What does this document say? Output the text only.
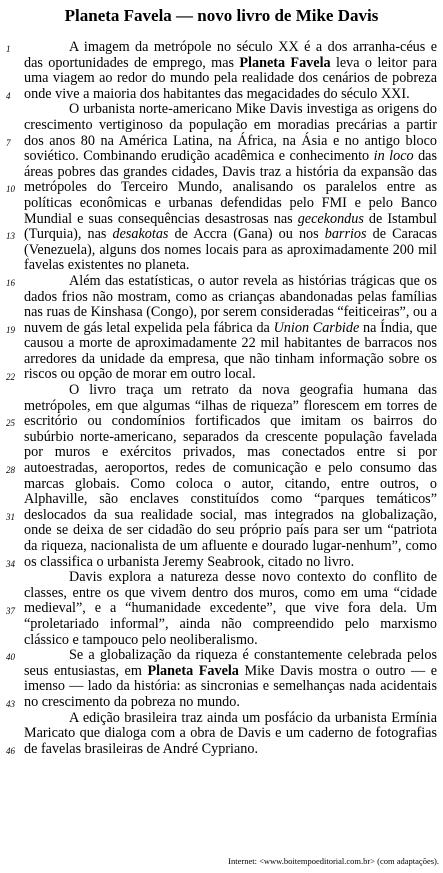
Planeta Favela — novo livro de Mike Davis
1
4
7
10
13
16
19
22
25
28
31
34
37
40
43
46

A imagem da metrópole no século XX é a dos arranha-céus e das oportunidades de emprego, mas Planeta Favela leva o leitor para uma viagem ao redor do mundo pela realidade dos cenários de pobreza onde vive a maioria dos habitantes das megacidades do século XXI.

O urbanista norte-americano Mike Davis investiga as origens do crescimento vertiginoso da população em moradias precárias a partir dos anos 80 na América Latina, na África, na Ásia e no antigo bloco soviético. Combinando erudição acadêmica e conhecimento in loco das áreas pobres das grandes cidades, Davis traz a história da expansão das metrópoles do Terceiro Mundo, analisando os paralelos entre as políticas econômicas e urbanas defendidas pelo FMI e pelo Banco Mundial e suas consequências desastrosas nas gecekondus de Istambul (Turquia), nas desakotas de Accra (Gana) ou nos barrios de Caracas (Venezuela), alguns dos nomes locais para as aproximadamente 200 mil favelas existentes no planeta.

Além das estatísticas, o autor revela as histórias trágicas que os dados frios não mostram, como as crianças abandonadas pelas famílias nas ruas de Kinshasa (Congo), por serem consideradas “feiticeiras”, ou a nuvem de gás letal expelida pela fábrica da Union Carbide na Índia, que causou a morte de aproximadamente 22 mil habitantes de barracos nos arredores da unidade da empresa, que não tinham informação sobre os riscos ou opção de morar em outro local.

O livro traça um retrato da nova geografia humana das metrópoles, em que algumas “ilhas de riqueza” florescem em torres de escritório ou condomínios fortificados que imitam os bairros do subúrbio norte-americano, separados da crescente população favelada por muros e exércitos privados, mas conectados entre si por autoestradas, aeroportos, redes de comunicação e pelo consumo das marcas globais. Como coloca o autor, citando, entre outros, o Alphaville, são enclaves constituídos como “parques temáticos” deslocados da sua realidade social, mas integrados na globalização, onde se deixa de ser cidadão do seu próprio país para ser um “patriota da riqueza, nacionalista de um afluente e dourado lugar-nenhum”, como os classifica o urbanista Jeremy Seabrook, citado no livro.

Davis explora a natureza desse novo contexto do conflito de classes, entre os que vivem dentro dos muros, como em uma “cidade medieval”, e a “humanidade excedente”, que vive fora dela. Um “proletariado informal”, ainda não compreendido pelo marxismo clássico e tampouco pelo neoliberalismo.

Se a globalização da riqueza é constantemente celebrada pelos seus entusiastas, em Planeta Favela Mike Davis mostra o outro — e imenso — lado da história: as sincronias e semelhanças nada acidentais no crescimento da pobreza no mundo.

A edição brasileira traz ainda um posfácio da urbanista Ermínia Maricato que dialoga com a obra de Davis e um caderno de fotografias de favelas brasileiras de André Cypriano.

Internet: <www.boitempoeditorial.com.br> (com adaptações).
